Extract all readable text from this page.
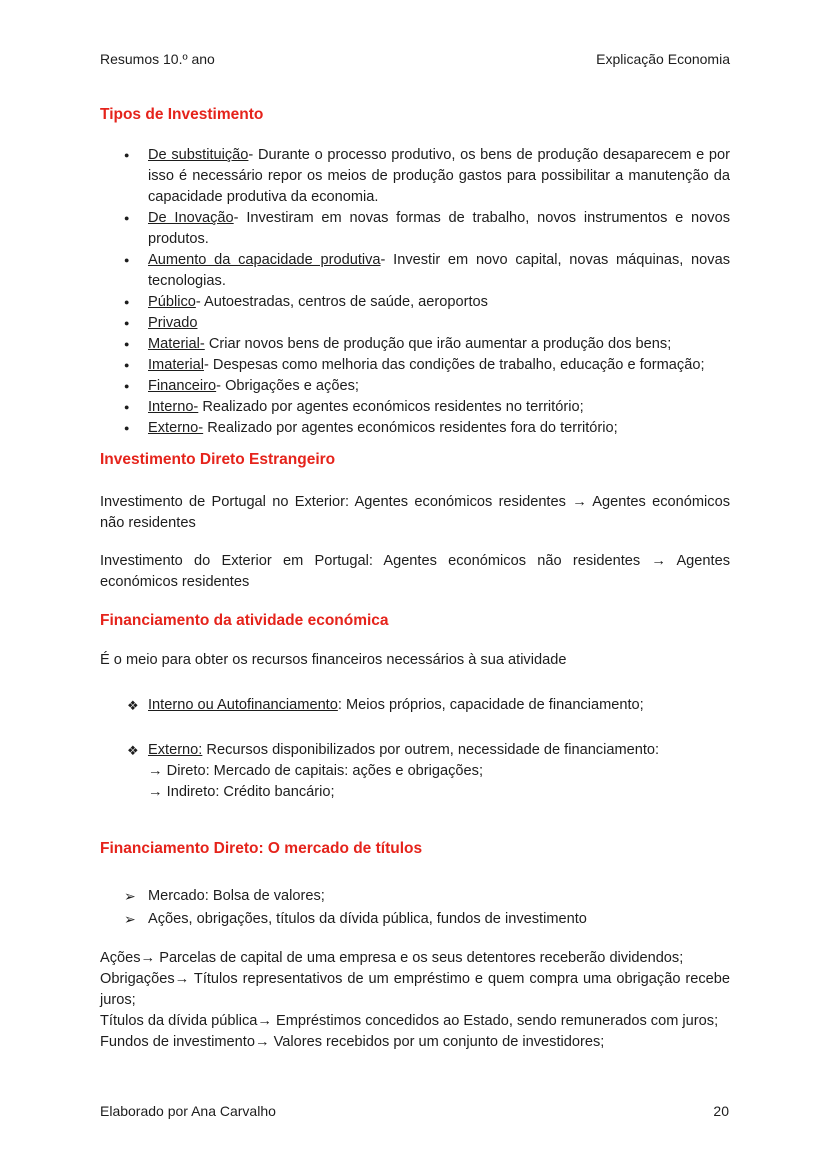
Resumos 10.º ano	Explicação Economia
Tipos de Investimento
● De substituição- Durante o processo produtivo, os bens de produção desaparecem e por isso é necessário repor os meios de produção gastos para possibilitar a manutenção da capacidade produtiva da economia.
● De Inovação- Investiram em novas formas de trabalho, novos instrumentos e novos produtos.
● Aumento da capacidade produtiva- Investir em novo capital, novas máquinas, novas tecnologias.
● Público- Autoestradas, centros de saúde, aeroportos
● Privado
● Material- Criar novos bens de produção que irão aumentar a produção dos bens;
● Imaterial- Despesas como melhoria das condições de trabalho, educação e formação;
● Financeiro- Obrigações e ações;
● Interno- Realizado por agentes económicos residentes no território;
● Externo- Realizado por agentes económicos residentes fora do território;
Investimento Direto Estrangeiro
Investimento de Portugal no Exterior: Agentes económicos residentes → Agentes económicos não residentes
Investimento do Exterior em Portugal: Agentes económicos não residentes → Agentes económicos residentes
Financiamento da atividade económica
É o meio para obter os recursos financeiros necessários à sua atividade
❖ Interno ou Autofinanciamento: Meios próprios, capacidade de financiamento;
❖ Externo: Recursos disponibilizados por outrem, necessidade de financiamento:
→ Direto: Mercado de capitais: ações e obrigações;
→ Indireto: Crédito bancário;
Financiamento Direto: O mercado de títulos
➢ Mercado: Bolsa de valores;
➢ Ações, obrigações, títulos da dívida pública, fundos de investimento
Ações→ Parcelas de capital de uma empresa e os seus detentores receberão dividendos;
Obrigações→ Títulos representativos de um empréstimo e quem compra uma obrigação recebe juros;
Títulos da dívida pública→ Empréstimos concedidos ao Estado, sendo remunerados com juros;
Fundos de investimento→ Valores recebidos por um conjunto de investidores;
Elaborado por Ana Carvalho	20
